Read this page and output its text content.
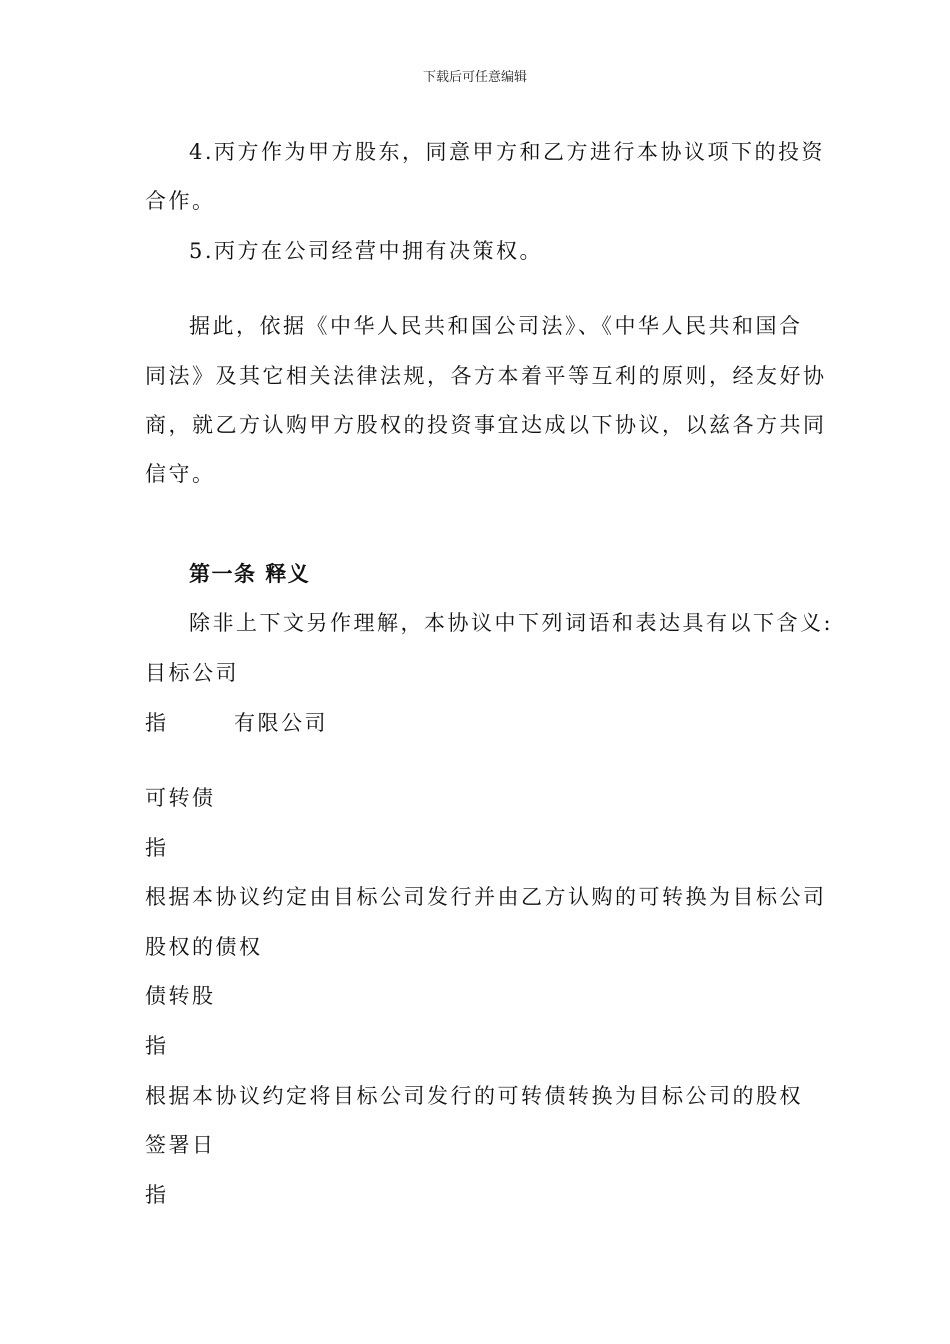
下载后可任意编辑
4.丙方作为甲方股东，同意甲方和乙方进行本协议项下的投资
合作。
5.丙方在公司经营中拥有决策权。
据此，依据《中华人民共和国公司法》、《中华人民共和国合
同法》及其它相关法律法规，各方本着平等互利的原则，经友好协
商，就乙方认购甲方股权的投资事宜达成以下协议，以兹各方共同
信守。
第一条 释义
除非上下文另作理解，本协议中下列词语和表达具有以下含义:
目标公司
指	有限公司
可转债
指
根据本协议约定由目标公司发行并由乙方认购的可转换为目标公司
股权的债权
债转股
指
根据本协议约定将目标公司发行的可转债转换为目标公司的股权
签署日
指
